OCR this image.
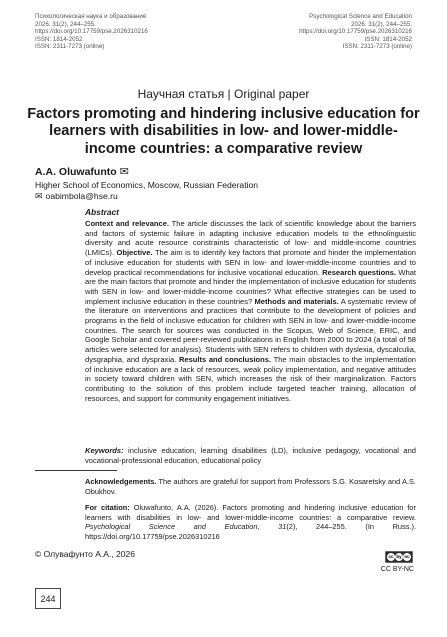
Психологическая наука и образование
2026. 31(2), 244–255.
https://doi.org/10.17759/pse.2026310216
ISSN: 1814-2052
ISSN: 2311-7273 (online)
Psychological Science and Education
2026. 31(2), 244–255.
https://doi.org/10.17759/pse.2026310216
ISSN: 1814-2052
ISSN: 2311-7273 (online)
Научная статья | Original paper
Factors promoting and hindering inclusive education for learners with disabilities in low- and lower-middle-income countries: a comparative review
A.A. Oluwafunto ✉
Higher School of Economics, Moscow, Russian Federation
✉ oabimbola@hse.ru
Abstract
Context and relevance. The article discusses the lack of scientific knowledge about the barriers and factors of systemic failure in adapting inclusive education models to the ethnolinguistic diversity and acute resource constraints characteristic of low- and middle-income countries (LMICs). Objective. The aim is to identify key factors that promote and hinder the implementation of inclusive education for students with SEN in low- and lower-middle-income countries and to develop practical recommendations for inclusive vocational education. Research questions. What are the main factors that promote and hinder the implementation of inclusive education for students with SEN in low- and lower-middle-income countries? What effective strategies can be used to implement inclusive education in these countries? Methods and materials. A systematic review of the literature on interventions and practices that contribute to the development of policies and programs in the field of inclusive education for children with SEN in low- and lower-middle-income countries. The search for sources was conducted in the Scopus, Web of Science, ERIC, and Google Scholar and covered peer-reviewed publications in English from 2000 to 2024 (a total of 58 articles were selected for analysis). Students with SEN refers to children with dyslexia, dyscalculia, dysgraphia, and dyspraxia. Results and conclusions. The main obstacles to the implementation of inclusive education are a lack of resources, weak policy implementation, and negative attitudes in society toward children with SEN, which increases the risk of their marginalization. Factors contributing to the solution of this problem include targeted teacher training, allocation of resources, and support for community engagement initiatives.
Keywords: inclusive education, learning disabilities (LD), inclusive pedagogy, vocational and vocational-professional education, educational policy
Acknowledgements. The authors are grateful for support from Professors S.G. Kosaretsky and A.S. Obukhov.
For citation: Oluwafunto, A.A. (2026). Factors promoting and hindering inclusive education for learners with disabilities in low- and lower-middle-income countries: a comparative review. Psychological Science and Education, 31(2), 244–255. (In Russ.). https://doi.org/10.17759/pse.2026310216
© Олувафунто А.А., 2026	cc by nc
CC BY-NC
244
